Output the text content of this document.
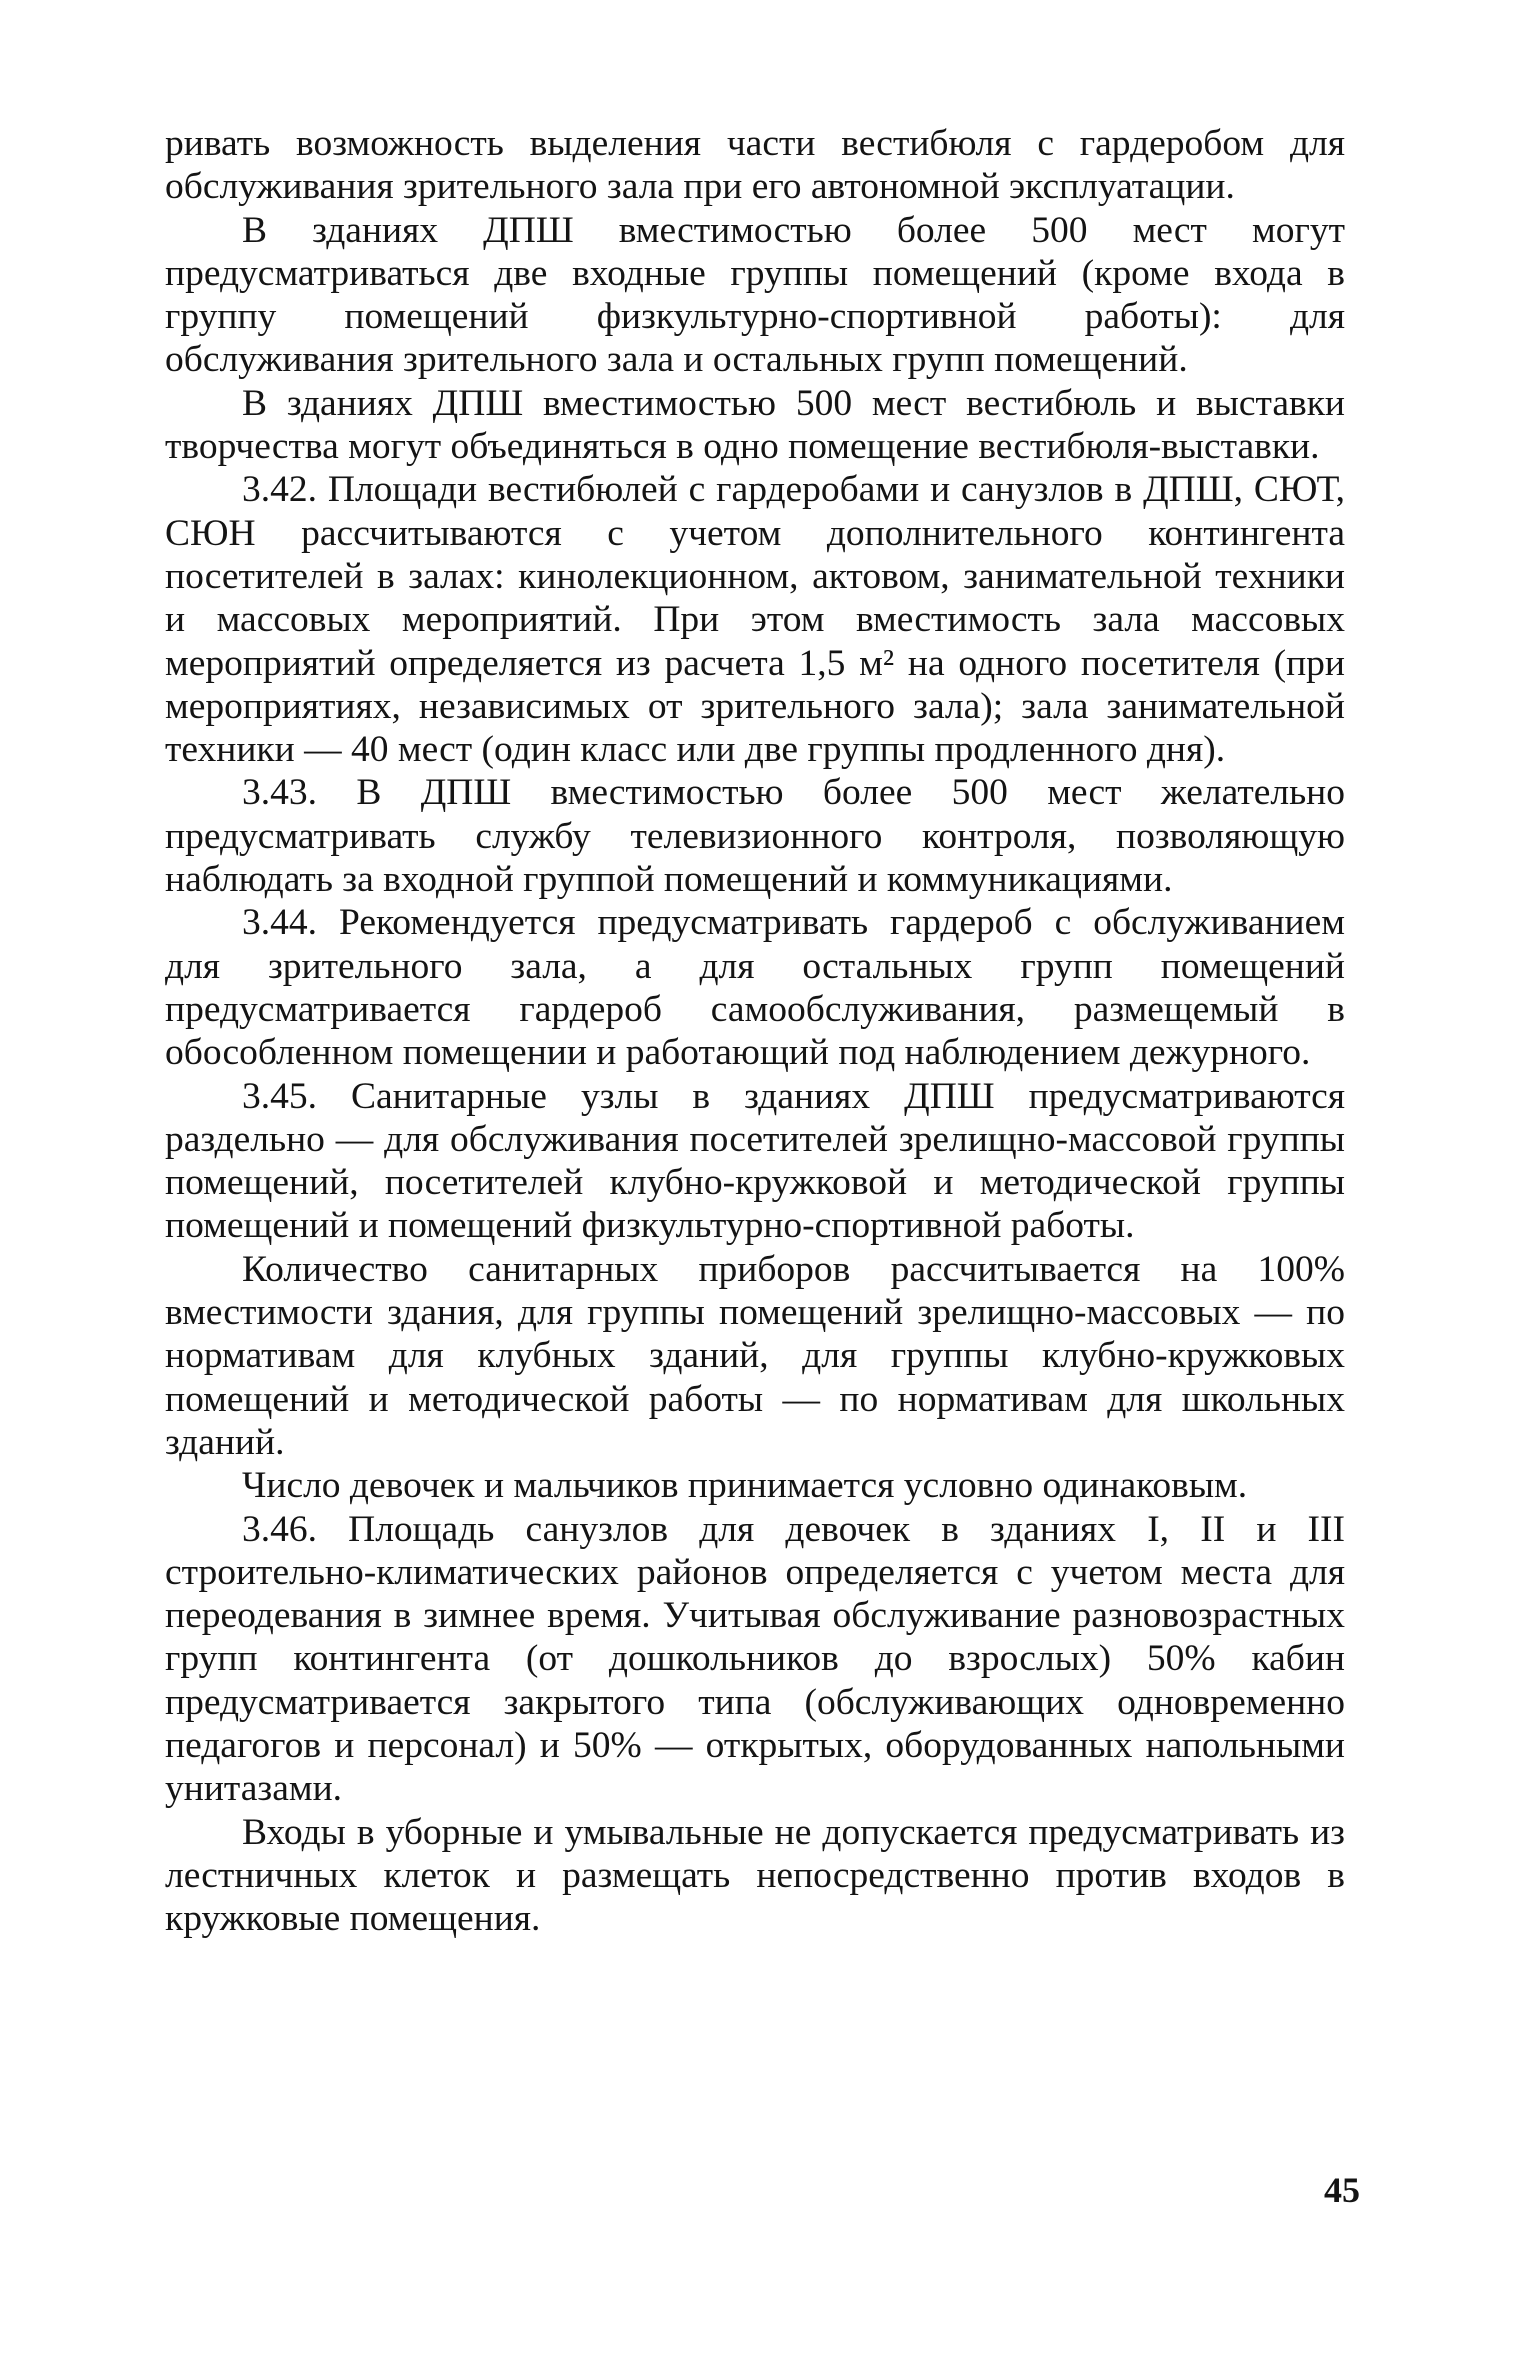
ривать возможность выделения части вестибюля с гардеробом для обслуживания зрительного зала при его автономной эксплуатации.

В зданиях ДПШ вместимостью более 500 мест могут предусматриваться две входные группы помещений (кроме входа в группу помещений физкультурно-спортивной работы): для обслуживания зрительного зала и остальных групп помещений.

В зданиях ДПШ вместимостью 500 мест вестибюль и выставки творчества могут объединяться в одно помещение вестибюля-выставки.

3.42. Площади вестибюлей с гардеробами и санузлов в ДПШ, СЮТ, СЮН рассчитываются с учетом дополнительного контингента посетителей в залах: кинолекционном, актовом, занимательной техники и массовых мероприятий. При этом вместимость зала массовых мероприятий определяется из расчета 1,5 м² на одного посетителя (при мероприятиях, независимых от зрительного зала); зала занимательной техники — 40 мест (один класс или две группы продленного дня).

3.43. В ДПШ вместимостью более 500 мест желательно предусматривать службу телевизионного контроля, позволяющую наблюдать за входной группой помещений и коммуникациями.

3.44. Рекомендуется предусматривать гардероб с обслуживанием для зрительного зала, а для остальных групп помещений предусматривается гардероб самообслуживания, размещемый в обособленном помещении и работающий под наблюдением дежурного.

3.45. Санитарные узлы в зданиях ДПШ предусматриваются раздельно — для обслуживания посетителей зрелищно-массовой группы помещений, посетителей клубно-кружковой и методической группы помещений и помещений физкультурно-спортивной работы.

Количество санитарных приборов рассчитывается на 100% вместимости здания, для группы помещений зрелищно-массовых — по нормативам для клубных зданий, для группы клубно-кружковых помещений и методической работы — по нормативам для школьных зданий.

Число девочек и мальчиков принимается условно одинаковым.

3.46. Площадь санузлов для девочек в зданиях I, II и III строительно-климатических районов определяется с учетом места для переодевания в зимнее время. Учитывая обслуживание разновозрастных групп контингента (от дошкольников до взрослых) 50% кабин предусматривается закрытого типа (обслуживающих одновременно педагогов и персонал) и 50% — открытых, оборудованных напольными унитазами.

Входы в уборные и умывальные не допускается предусматривать из лестничных клеток и размещать непосредственно против входов в кружковые помещения.

45
